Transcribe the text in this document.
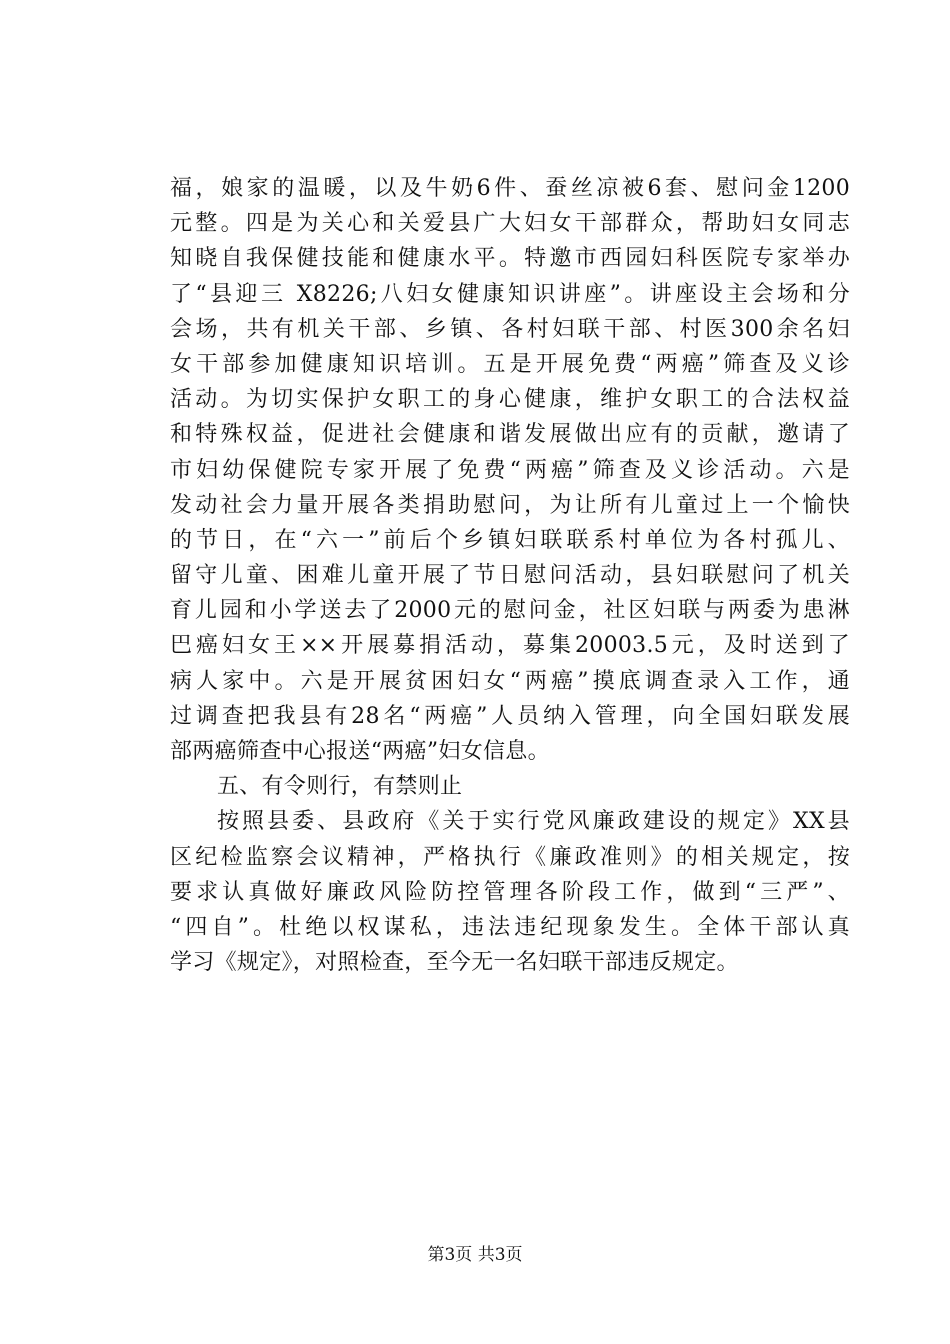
福，娘家的温暖，以及牛奶6件、蚕丝凉被6套、慰问金1200
元整。四是为关心和关爱县广大妇女干部群众，帮助妇女同志
知晓自我保健技能和健康水平。特邀市西园妇科医院专家举办
了“县迎三 X8226;八妇女健康知识讲座”。讲座设主会场和分
会场，共有机关干部、乡镇、各村妇联干部、村医300余名妇
女干部参加健康知识培训。五是开展免费“两癌”筛查及义诊
活动。为切实保护女职工的身心健康，维护女职工的合法权益
和特殊权益，促进社会健康和谐发展做出应有的贡献，邀请了
市妇幼保健院专家开展了免费“两癌”筛查及义诊活动。六是
发动社会力量开展各类捐助慰问，为让所有儿童过上一个愉快
的节日，在“六一”前后个乡镇妇联联系村单位为各村孤儿、
留守儿童、困难儿童开展了节日慰问活动，县妇联慰问了机关
育儿园和小学送去了2000元的慰问金，社区妇联与两委为患淋
巴癌妇女王××开展募捐活动，募集20003.5元，及时送到了
病人家中。六是开展贫困妇女“两癌”摸底调查录入工作，通
过调查把我县有28名“两癌”人员纳入管理，向全国妇联发展
部两癌筛查中心报送“两癌”妇女信息。
五、有令则行，有禁则止
按照县委、县政府《关于实行党风廉政建设的规定》XX县
区纪检监察会议精神，严格执行《廉政准则》的相关规定，按
要求认真做好廉政风险防控管理各阶段工作，做到“三严”、
“四自”。杜绝以权谋私，违法违纪现象发生。全体干部认真
学习《规定》，对照检查，至今无一名妇联干部违反规定。
第3页 共3页
